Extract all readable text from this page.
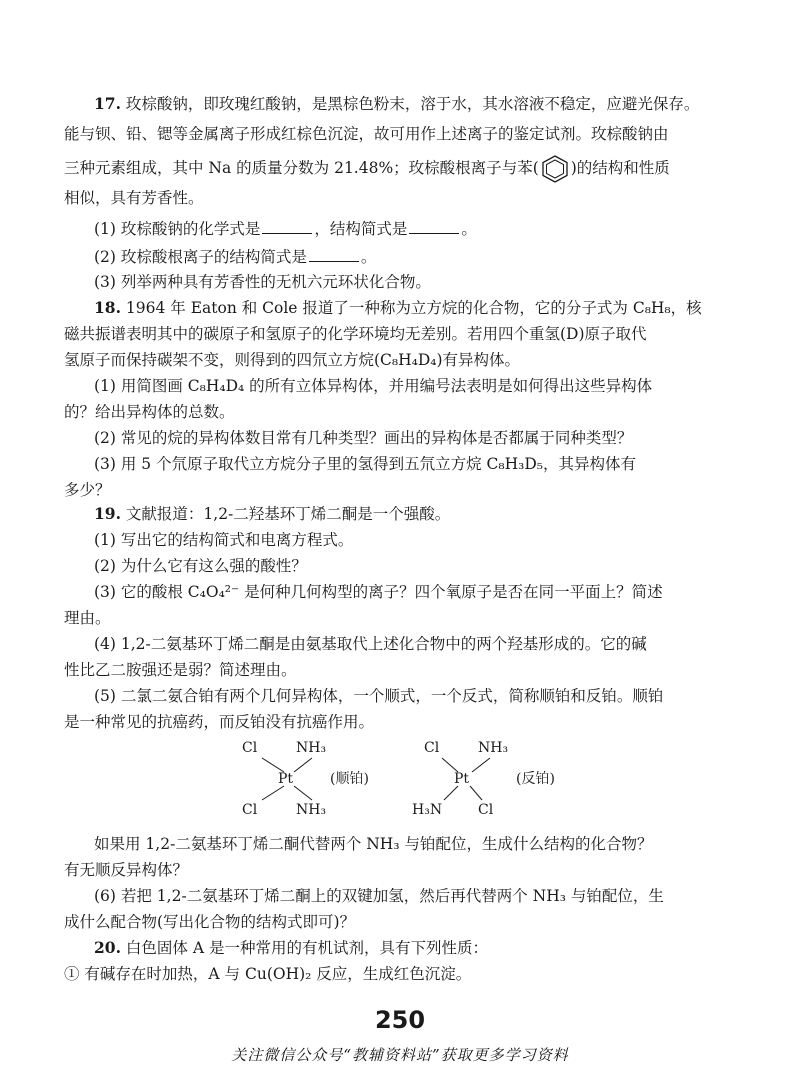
17. 玫棕酸钠，即玫瑰红酸钠，是黑棕色粉末，溶于水，其水溶液不稳定，应避光保存。
能与钡、铅、锶等金属离子形成红棕色沉淀，故可用作上述离子的鉴定试剂。玫棕酸钠由
三种元素组成，其中 Na 的质量分数为 21.48%；玫棕酸根离子与苯( )的结构和性质
相似，具有芳香性。
(1) 玫棕酸钠的化学式是	，结构简式是	。
(2) 玫棕酸根离子的结构简式是	。
(3) 列举两种具有芳香性的无机六元环状化合物。
18. 1964 年 Eaton 和 Cole 报道了一种称为立方烷的化合物，它的分子式为 C₈H₈，核
磁共振谱表明其中的碳原子和氢原子的化学环境均无差别。若用四个重氢(D)原子取代
氢原子而保持碳架不变，则得到的四氘立方烷(C₈H₄D₄)有异构体。
(1) 用简图画 C₈H₄D₄ 的所有立体异构体，并用编号法表明是如何得出这些异构体
的？给出异构体的总数。
(2) 常见的烷的异构体数目常有几种类型？画出的异构体是否都属于同种类型？
(3) 用 5 个氘原子取代立方烷分子里的氢得到五氘立方烷 C₈H₃D₅，其异构体有
多少？
19. 文献报道：1,2-二羟基环丁烯二酮是一个强酸。
(1) 写出它的结构简式和电离方程式。
(2) 为什么它有这么强的酸性？
(3) 它的酸根 C₄O₄²⁻ 是何种几何构型的离子？四个氧原子是否在同一平面上？简述
理由。
(4) 1,2-二氨基环丁烯二酮是由氨基取代上述化合物中的两个羟基形成的。它的碱
性比乙二胺强还是弱？简述理由。
(5) 二氯二氨合铂有两个几何异构体，一个顺式，一个反式，简称顺铂和反铂。顺铂
是一种常见的抗癌药，而反铂没有抗癌作用。
Cl	NH₃
Pt
Cl	NH₃
(顺铂)
Cl	NH₃
Pt
H₃N	Cl
(反铂)
如果用 1,2-二氨基环丁烯二酮代替两个 NH₃ 与铂配位，生成什么结构的化合物？
有无顺反异构体？
(6) 若把 1,2-二氨基环丁烯二酮上的双键加氢，然后再代替两个 NH₃ 与铂配位，生
成什么配合物(写出化合物的结构式即可)？
20. 白色固体 A 是一种常用的有机试剂，具有下列性质：
① 有碱存在时加热，A 与 Cu(OH)₂ 反应，生成红色沉淀。
250
关注微信公众号“教辅资料站”获取更多学习资料
